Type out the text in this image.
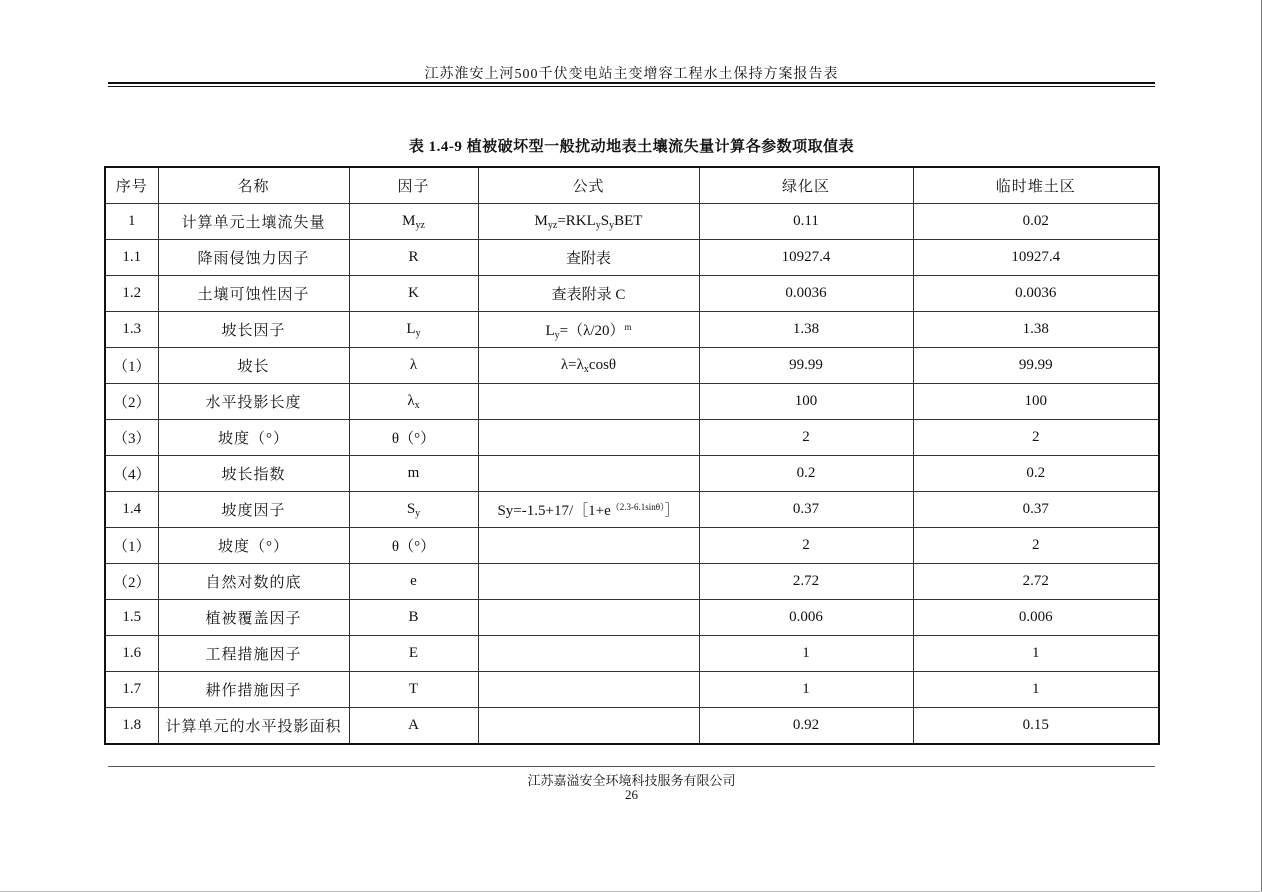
江苏淮安上河500千伏变电站主变增容工程水土保持方案报告表
表 1.4-9 植被破坏型一般扰动地表土壤流失量计算各参数项取值表
序号	名称	因子	公式	绿化区	临时堆土区
1	计算单元土壤流失量	$M_{yz}$	$M_{yz}=RKL_yS_yBET$	0.11	0.02
1.1	降雨侵蚀力因子	R	查附表	10927.4	10927.4
1.2	土壤可蚀性因子	K	查表附录 C	0.0036	0.0036
1.3	坡长因子	$L_y$	$L_y=(\lambda/20)^m$	1.38	1.38
（1）	坡长	λ	$\lambda=\lambda_x\cos\theta$	99.99	99.99
（2）	水平投影长度	$\lambda_x$		100	100
（3）	坡度（°）	θ（°）		2	2
（4）	坡长指数	m		0.2	0.2
1.4	坡度因子	$S_y$	$Sy=-1.5+17/[1+e^{(2.3-6.1sin\theta)}]$	0.37	0.37
（1）	坡度（°）	θ（°）		2	2
（2）	自然对数的底	e		2.72	2.72
1.5	植被覆盖因子	B		0.006	0.006
1.6	工程措施因子	E		1	1
1.7	耕作措施因子	T		1	1
1.8	计算单元的水平投影面积	A		0.92	0.15
江苏嘉溢安全环境科技服务有限公司
26
